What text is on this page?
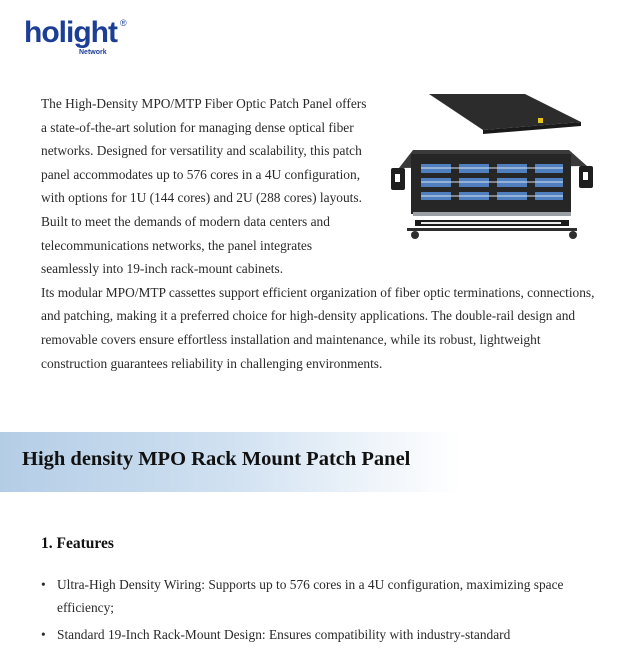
holight ®
Network

The High-Density MPO/MTP Fiber Optic Patch Panel offers a state-of-the-art solution for managing dense optical fiber networks. Designed for versatility and scalability, this patch panel accommodates up to 576 cores in a 4U configuration, with options for 1U (144 cores) and 2U (288 cores) layouts. Built to meet the demands of modern data centers and telecommunications networks, the panel integrates seamlessly into 19-inch rack-mount cabinets.

Its modular MPO/MTP cassettes support efficient organization of fiber optic terminations, connections, and patching, making it a preferred choice for high-density applications. The double-rail design and removable covers ensure effortless installation and maintenance, while its robust, lightweight construction guarantees reliability in challenging environments.

High density MPO Rack Mount Patch Panel
1. Features
• Ultra-High Density Wiring: Supports up to 576 cores in a 4U configuration, maximizing space efficiency;
• Standard 19-Inch Rack-Mount Design: Ensures compatibility with industry-standard
